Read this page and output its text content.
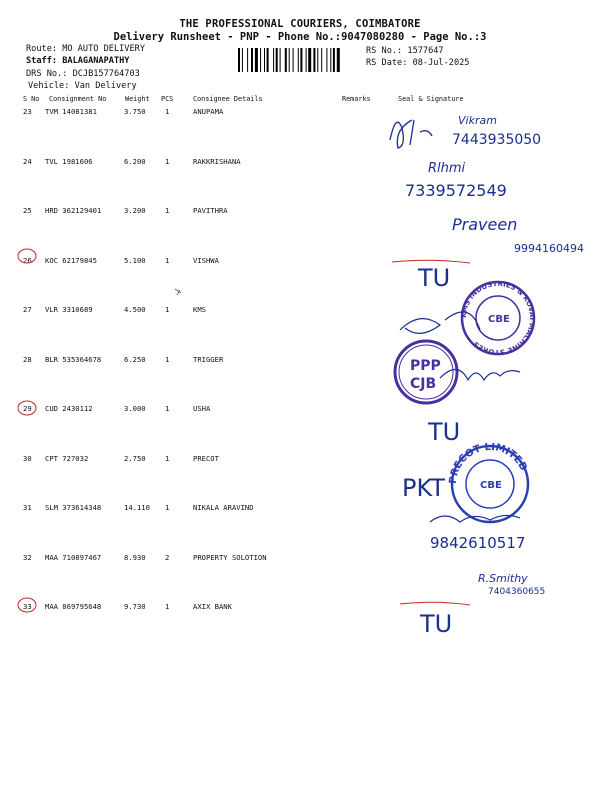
THE PROFESSIONAL COURIERS, COIMBATORE
Delivery Runsheet - PNP - Phone No.:9047080280 - Page No.:3
Route: MO AUTO DELIVERY
Staff: BALAGANAPATHY
DRS No.: DCJB157764703
Vehicle: Van Delivery
RS No.: 1577647
RS Date: 08-Jul-2025
S No Consignment No	Weight PCS	Consignee Details	Remarks	Seal & Signature
23 TVM 14081381	3.750	1	ANUPAMA
24 TVL 1981606	6.200	1	RAKKRISHANA
25 HRD 362129401	3.200	1	PAVITHRA
26 KOC 62179845	5.100	1	VISHWA
27 VLR 3310689	4.500	1	KMS
28 BLR 535364678	6.250	1	TRIGGER
29 CUD 2430112	3.000	1	USHA
30 CPT 727032	2.750	1	PRECOT
31 SLM 373614348	14.110 1	NIKALA ARAVIND
32 MAA 710897467	8.930	2	PROPERTY SOLOTION
33 MAA 869795648	9.730	1	AXIX BANK
Vikram
7443935050
Rlhmi
7339572549
Praveen
9994160494
TU
KMS INDUSTRIES & KOVAI MACHINE STORES
CBE
PPP
CJB
TU
PKT PRECOT LIMITED
CBE
9842610517
R.Smithy
7404360655
TU
